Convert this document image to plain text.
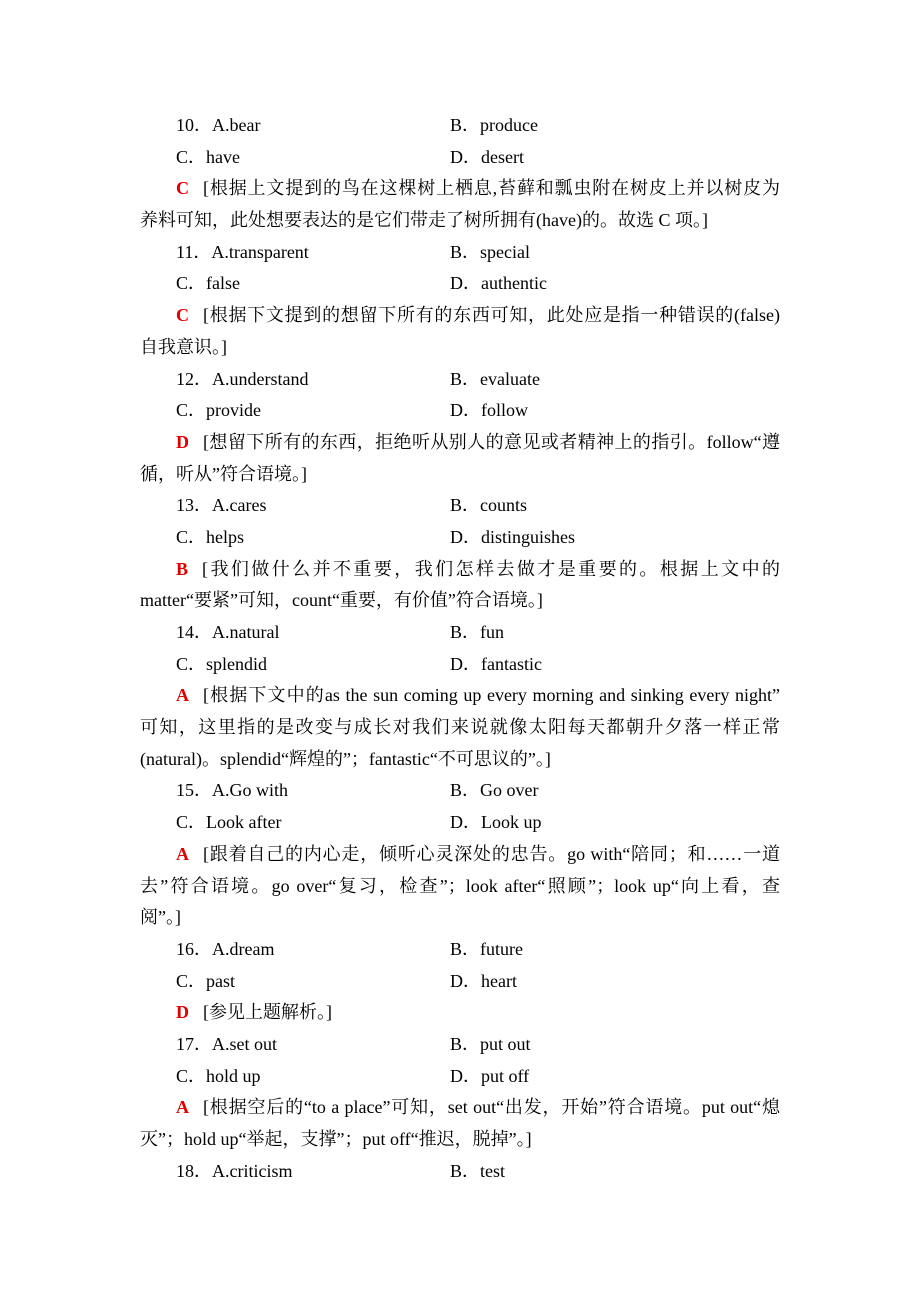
10．A.bear	B．produce
C．have	D．desert
C [根据上文提到的鸟在这棵树上栖息,苔藓和瓢虫附在树皮上并以树皮为
养料可知，此处想要表达的是它们带走了树所拥有(have)的。故选 C 项。]
11．A.transparent	B．special
C．false	D．authentic
C [根据下文提到的想留下所有的东西可知，此处应是指一种错误的(false)
自我意识。]
12．A.understand	B．evaluate
C．provide	D．follow
D [想留下所有的东西，拒绝听从别人的意见或者精神上的指引。follow“遵
循，听从”符合语境。]
13．A.cares	B．counts
C．helps	D．distinguishes
B [我们做什么并不重要，我们怎样去做才是重要的。根据上文中的
matter“要紧”可知，count“重要，有价值”符合语境。]
14．A.natural	B．fun
C．splendid	D．fantastic
A [根据下文中的as the sun coming up every morning and sinking every night”
可知，这里指的是改变与成长对我们来说就像太阳每天都朝升夕落一样正常
(natural)。splendid“辉煌的”；fantastic“不可思议的”。]
15．A.Go with	B．Go over
C．Look after	D．Look up
A [跟着自己的内心走，倾听心灵深处的忠告。go with“陪同；和……一道
去”符合语境。go over“复习，检查”；look after“照顾”；look up“向上看，查
阅”。]
16．A.dream	B．future
C．past	D．heart
D [参见上题解析。]
17．A.set out	B．put out
C．hold up	D．put off
A [根据空后的“to a place”可知，set out“出发，开始”符合语境。put out“熄
灭”；hold up“举起，支撑”；put off“推迟，脱掉”。]
18．A.criticism	B．test
